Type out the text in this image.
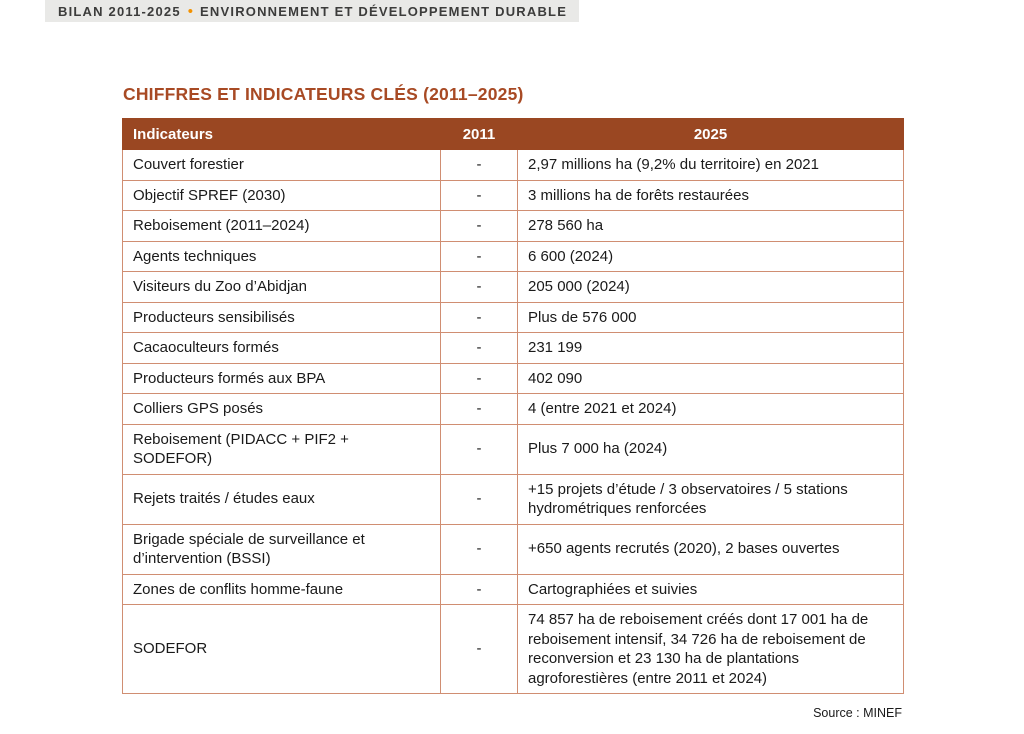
BILAN 2011-2025 • ENVIRONNEMENT ET DÉVELOPPEMENT DURABLE
CHIFFRES ET INDICATEURS CLÉS (2011–2025)
Indicateurs	2011	2025
Couvert forestier	-	2,97 millions ha (9,2% du territoire) en 2021
Objectif SPREF (2030)	-	3 millions ha de forêts restaurées
Reboisement (2011–2024)	-	278 560 ha
Agents techniques	-	6 600 (2024)
Visiteurs du Zoo d’Abidjan	-	205 000 (2024)
Producteurs sensibilisés	-	Plus de 576 000
Cacaoculteurs formés	-	231 199
Producteurs formés aux BPA	-	402 090
Colliers GPS posés	-	4 (entre 2021 et 2024)
Reboisement (PIDACC + PIF2 + SODEFOR)	-	Plus 7 000 ha (2024)
Rejets traités / études eaux	-	+15 projets d’étude / 3 observatoires / 5 stations hydrométriques renforcées
Brigade spéciale de surveillance et d’intervention (BSSI)	-	+650 agents recrutés (2020), 2 bases ouvertes
Zones de conflits homme-faune	-	Cartographiées et suivies
SODEFOR	-	74 857 ha de reboisement créés dont 17 001 ha de reboisement intensif, 34 726 ha de reboisement de reconversion et 23 130 ha de plantations agroforestières (entre 2011 et 2024)
Source : MINEF
